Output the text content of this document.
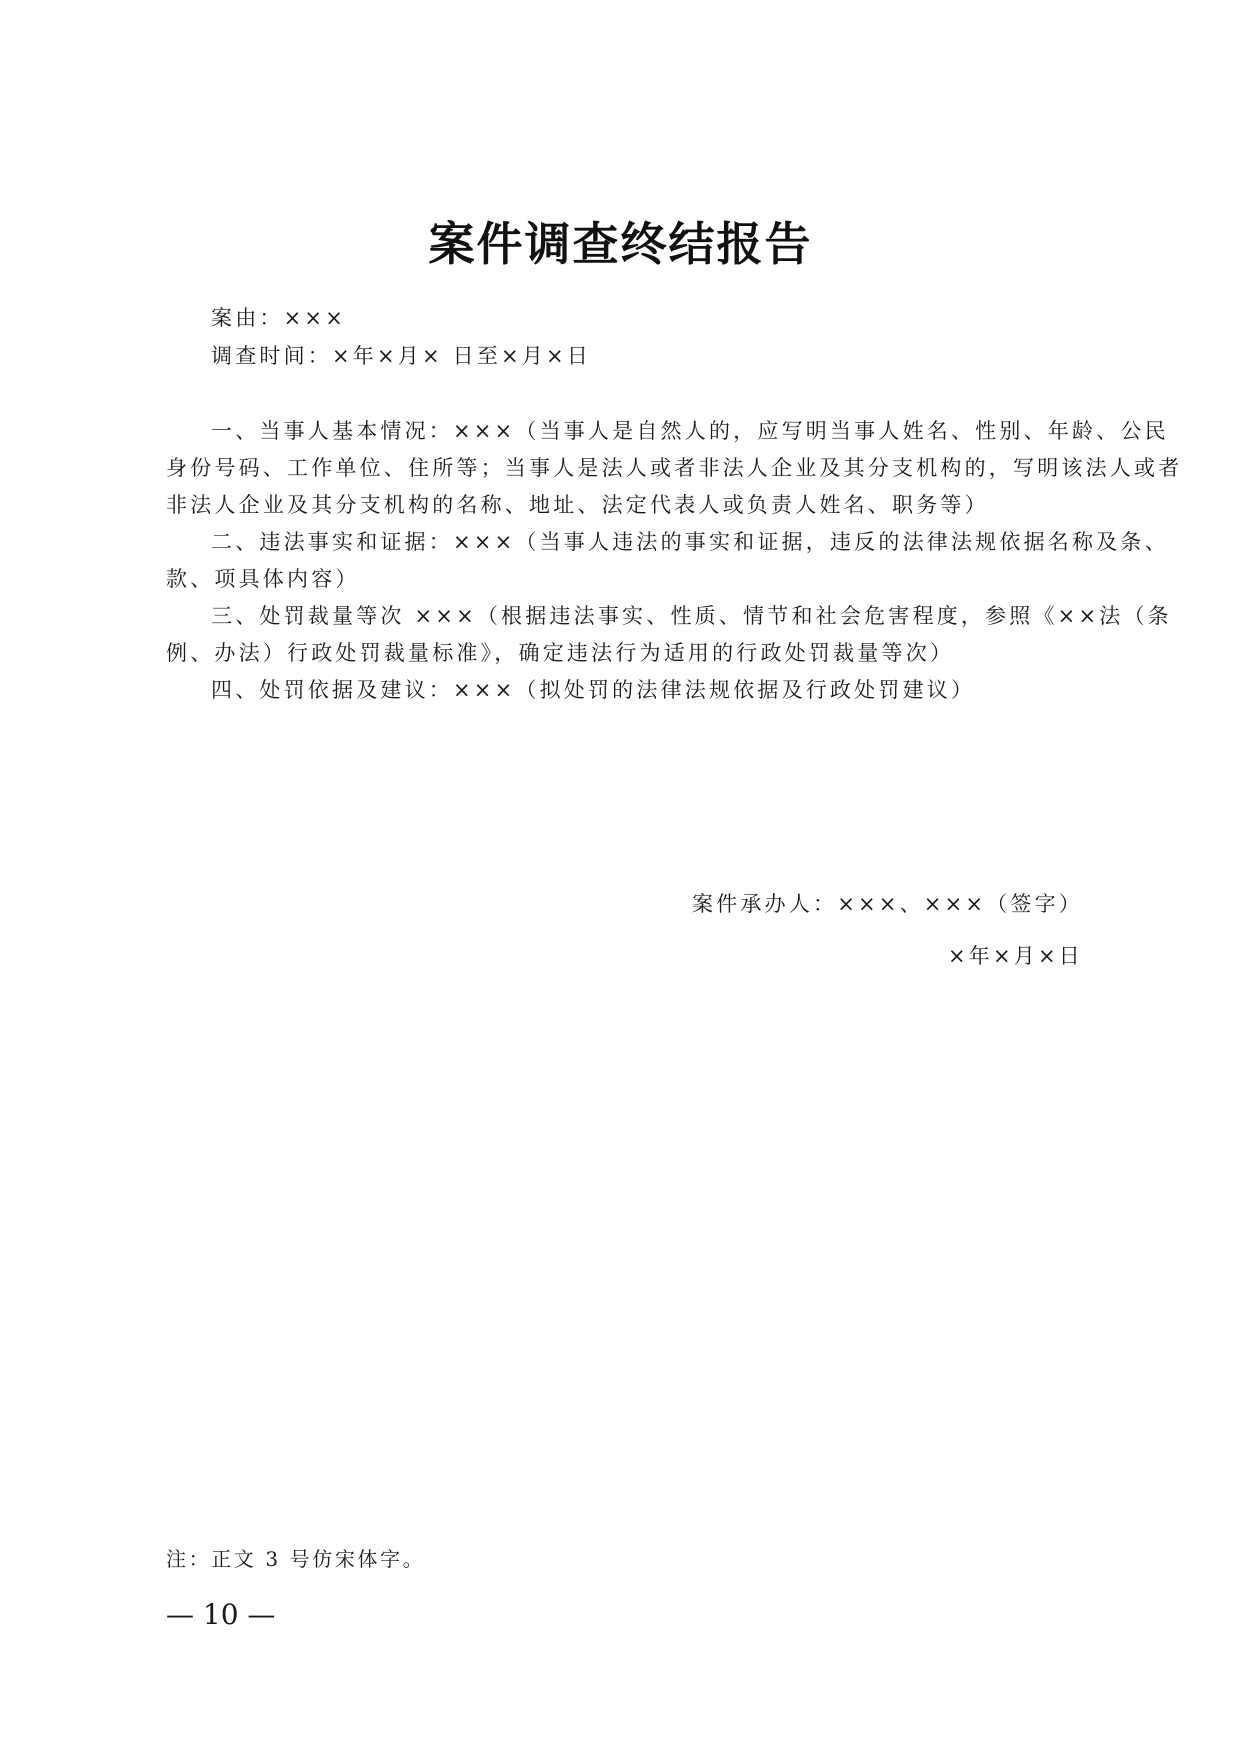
案件调查终结报告
案由：×××
调查时间：×年×月× 日至×月×日
一、当事人基本情况：×××（当事人是自然人的，应写明当事人姓名、性别、年龄、公民
身份号码、工作单位、住所等；当事人是法人或者非法人企业及其分支机构的，写明该法人或者
非法人企业及其分支机构的名称、地址、法定代表人或负责人姓名、职务等）
二、违法事实和证据：×××（当事人违法的事实和证据，违反的法律法规依据名称及条、
款、项具体内容）
三、处罚裁量等次 ×××（根据违法事实、性质、情节和社会危害程度，参照《××法（条
例、办法）行政处罚裁量标准》，确定违法行为适用的行政处罚裁量等次）
四、处罚依据及建议：×××（拟处罚的法律法规依据及行政处罚建议）
案件承办人：×××、×××（签字）
×年×月×日
注：正文 3 号仿宋体字。
— 10 —
